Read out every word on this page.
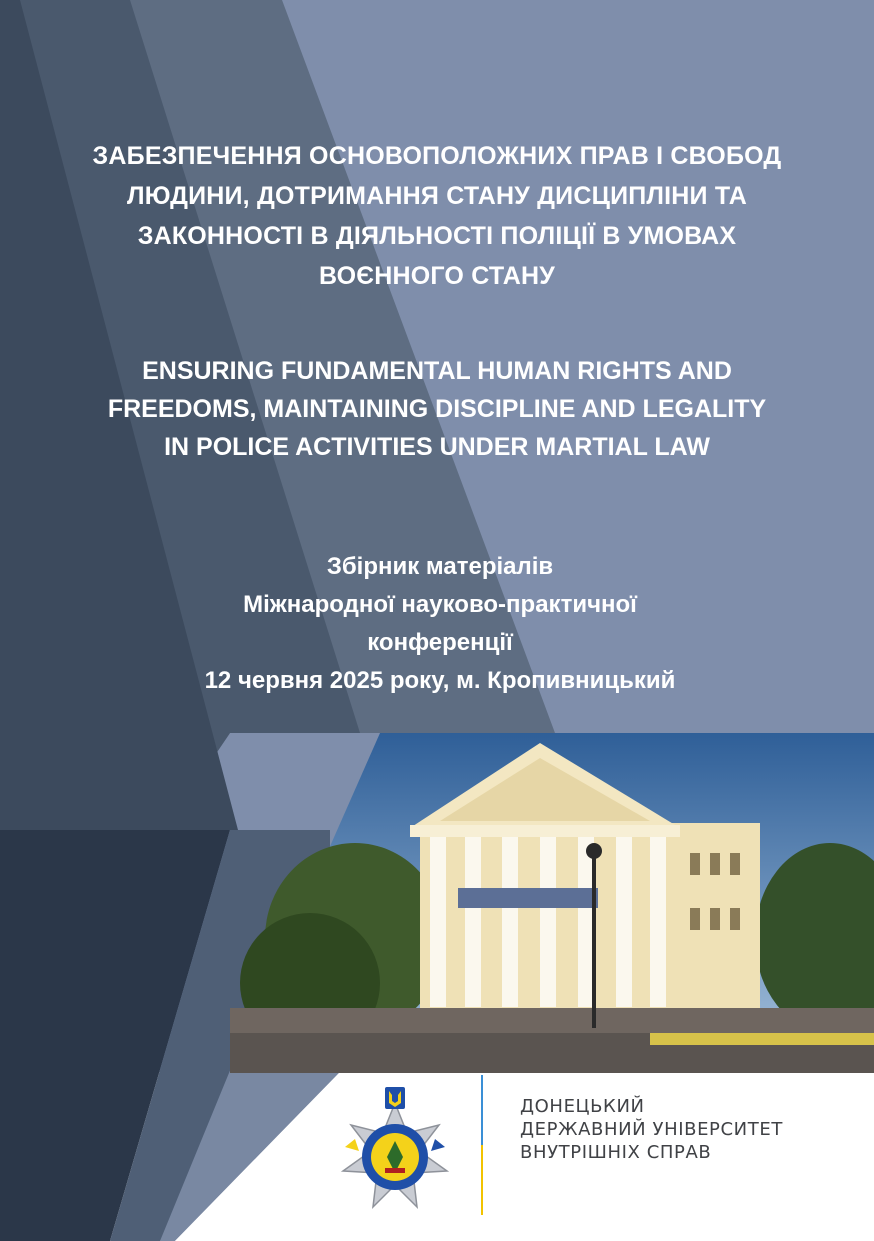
ЗАБЕЗПЕЧЕННЯ ОСНОВОПОЛОЖНИХ ПРАВ І СВОБОД
ЛЮДИНИ, ДОТРИМАННЯ СТАНУ ДИСЦИПЛІНИ ТА
ЗАКОННОСТІ В ДІЯЛЬНОСТІ ПОЛІЦІЇ В УМОВАХ
ВОЄННОГО СТАНУ
ENSURING FUNDAMENTAL HUMAN RIGHTS AND
FREEDOMS, MAINTAINING DISCIPLINE AND LEGALITY
IN POLICE ACTIVITIES UNDER MARTIAL LAW
Збірник матеріалів
Міжнародної науково-практичної
конференції
12 червня 2025 року, м. Кропивницький
ДОНЕЦЬКИЙ
ДЕРЖАВНИЙ УНІВЕРСИТЕТ
ВНУТРІШНІХ СПРАВ
